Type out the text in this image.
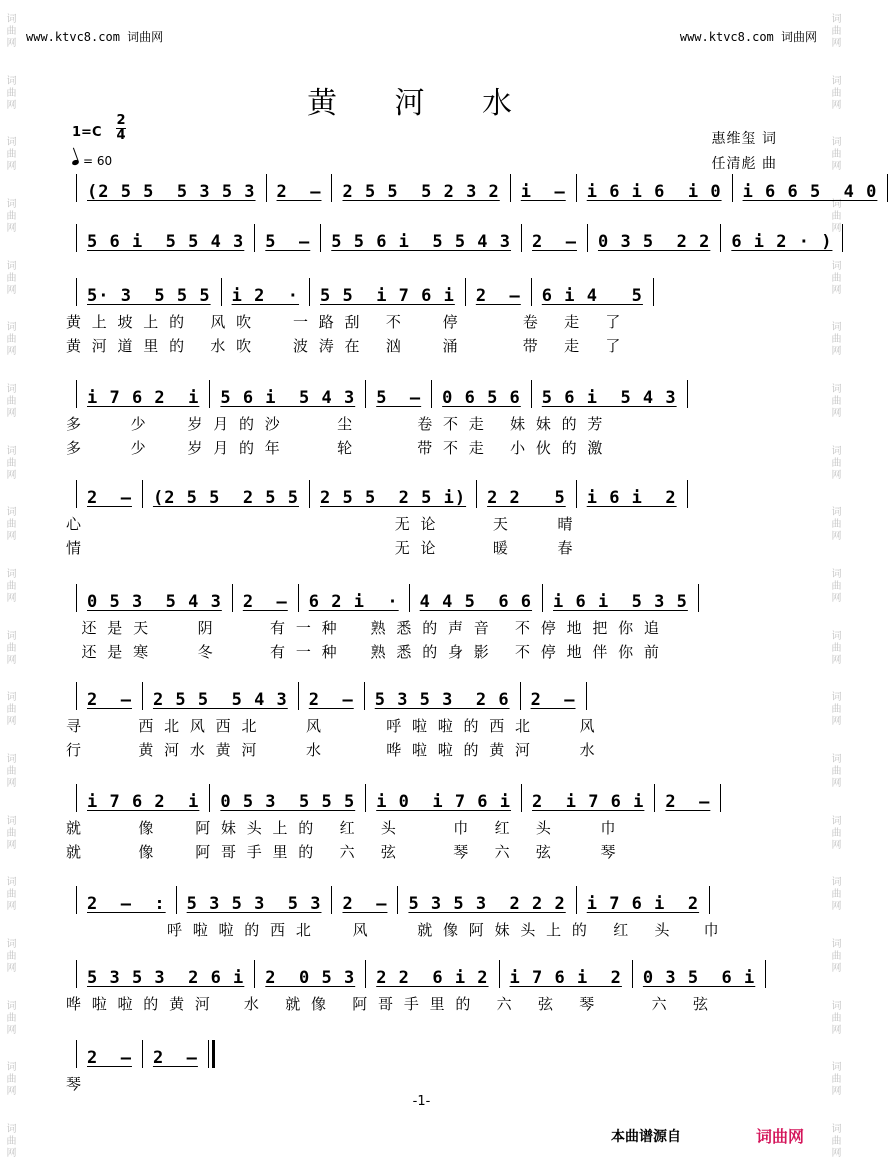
词曲网
词曲网
词曲网
词曲网
词曲网
词曲网
词曲网
词曲网
词曲网
词曲网
词曲网
词曲网
词曲网
词曲网
词曲网
词曲网
词曲网
词曲网
词曲网
词曲网
词曲网
词曲网
词曲网
词曲网
词曲网
词曲网
词曲网
词曲网
词曲网
词曲网
词曲网
词曲网
词曲网
词曲网
词曲网
词曲网
词曲网
词曲网
www.ktvc8.com 词曲网	www.ktvc8.com 词曲网
黄 河 水
1=C
2
4
= 60
惠维玺 词
任清彪 曲
(2 5 5  5 3 5 3 2  – 2 5 5  5 2 3 2 i  – i 6 i 6  i 0 i 6 6 5  4 0
5 6 i  5 5 4 3 5  – 5 5 6 i  5 5 4 3 2  – 0 3 5  2 2 6 i 2 · )
5· 3  5 5 5 i 2  · 5 5  i 7 6 i 2  – 6 i 4   5
黄 上 坡 上 的   风 吹     一 路 刮   不     停        卷   走   了
黄 河 道 里 的   水 吹     波 涛 在   汹     涌        带   走   了
i 7 6 2  i 5 6 i  5 4 3 5  – 0 6 5 6 5 6 i  5 4 3
多      少     岁 月 的 沙       尘        卷 不 走   妹 妹 的 芳
多      少     岁 月 的 年       轮        带 不 走   小 伙 的 激
2  – (2 5 5  2 5 5 2 5 5  2 5 i) 2 2   5 i 6 i  2
心                                        无 论       天      晴
情                                        无 论       暖      春
0 5 3  5 4 3 2  – 6 2 i  · 4 4 5  6 6 i 6 i  5 3 5
还 是 天      阴       有 一 种    熟 悉 的 声 音   不 停 地 把 你 追
还 是 寒      冬       有 一 种    熟 悉 的 身 影   不 停 地 伴 你 前
2  – 2 5 5  5 4 3 2  – 5 3 5 3  2 6 2  –
寻       西 北 风 西 北      风        呼 啦 啦 的 西 北      风
行       黄 河 水 黄 河      水        哗 啦 啦 的 黄 河      水
i 7 6 2  i 0 5 3  5 5 5 i 0  i 7 6 i 2  i 7 6 i 2  –
就       像     阿 妹 头 上 的   红   头       巾   红   头      巾
就       像     阿 哥 手 里 的   六   弦       琴   六   弦      琴
2  –  : 5 3 5 3  5 3 2  – 5 3 5 3  2 2 2 i 7 6 i  2
呼 啦 啦 的 西 北     风      就 像 阿 妹 头 上 的   红   头    巾
5 3 5 3  2 6 i 2  0 5 3 2 2  6 i 2 i 7 6 i  2 0 3 5  6 i
哗 啦 啦 的 黄 河    水   就 像   阿 哥 手 里 的   六   弦   琴       六   弦
2  – 2  –
琴
-1-
本曲谱源自	词曲网
